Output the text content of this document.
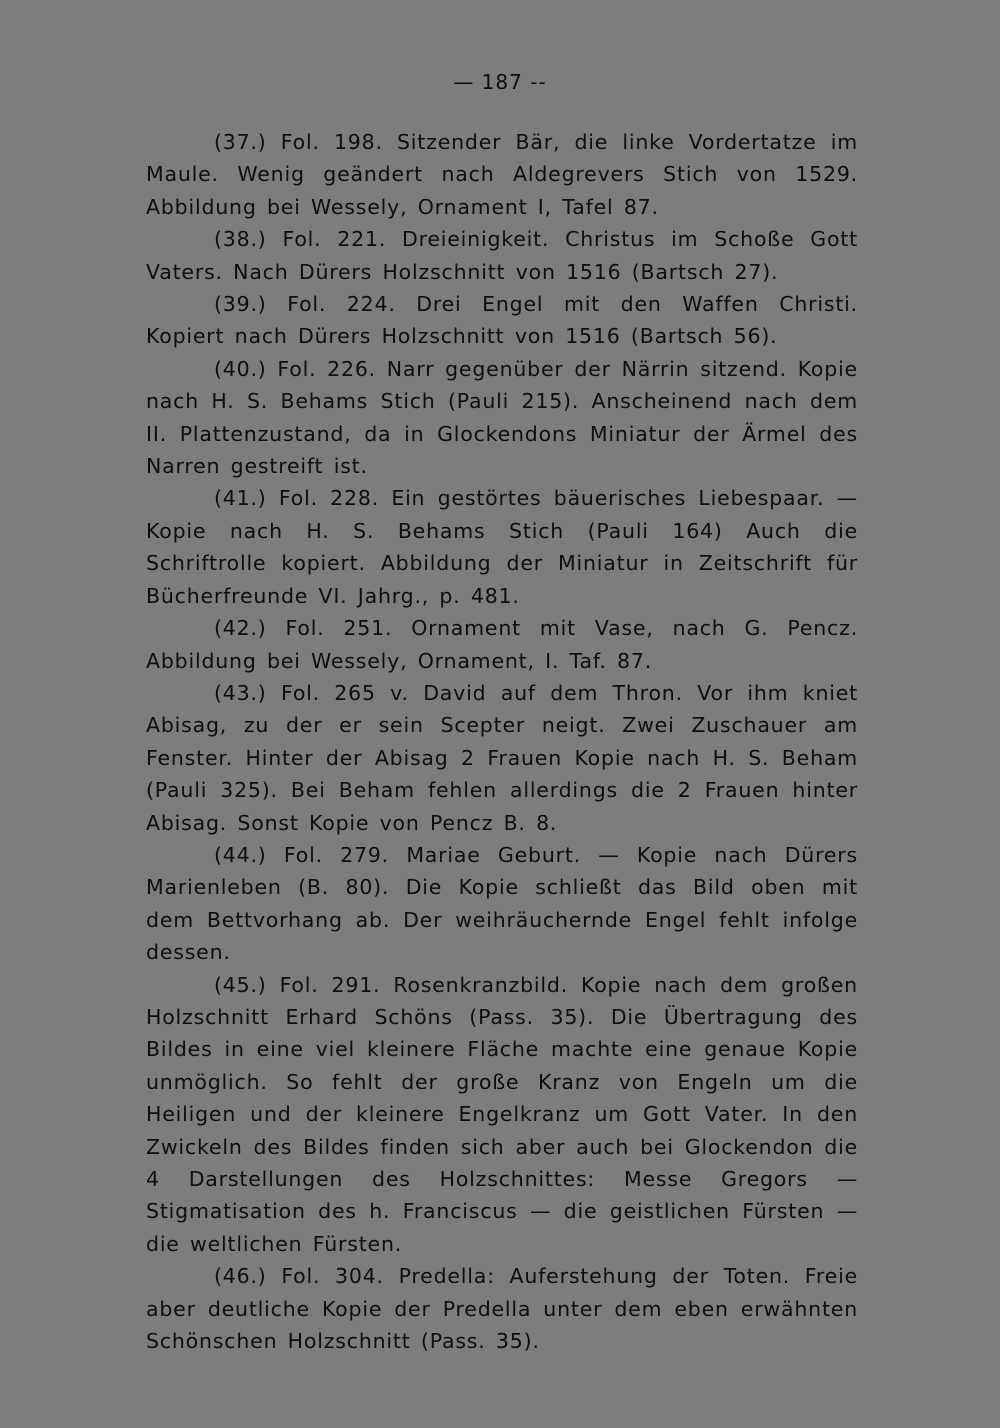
— 187 --

(37.) Fol. 198. Sitzender Bär, die linke Vordertatze im Maule. Wenig geändert nach Aldegrevers Stich von 1529. Abbildung bei Wessely, Ornament I, Tafel 87.

(38.) Fol. 221. Dreieinigkeit. Christus im Schoße Gott Vaters. Nach Dürers Holzschnitt von 1516 (Bartsch 27).

(39.) Fol. 224. Drei Engel mit den Waffen Christi. Kopiert nach Dürers Holzschnitt von 1516 (Bartsch 56).

(40.) Fol. 226. Narr gegenüber der Närrin sitzend. Kopie nach H. S. Behams Stich (Pauli 215). Anscheinend nach dem II. Plattenzustand, da in Glockendons Miniatur der Ärmel des Narren gestreift ist.

(41.) Fol. 228. Ein gestörtes bäuerisches Liebespaar. — Kopie nach H. S. Behams Stich (Pauli 164) Auch die Schriftrolle kopiert. Abbildung der Miniatur in Zeitschrift für Bücherfreunde VI. Jahrg., p. 481.

(42.) Fol. 251. Ornament mit Vase, nach G. Pencz. Abbildung bei Wessely, Ornament, I. Taf. 87.

(43.) Fol. 265 v. David auf dem Thron. Vor ihm kniet Abisag, zu der er sein Scepter neigt. Zwei Zuschauer am Fenster. Hinter der Abisag 2 Frauen Kopie nach H. S. Beham (Pauli 325). Bei Beham fehlen allerdings die 2 Frauen hinter Abisag. Sonst Kopie von Pencz B. 8.

(44.) Fol. 279. Mariae Geburt. — Kopie nach Dürers Marienleben (B. 80). Die Kopie schließt das Bild oben mit dem Bettvorhang ab. Der weihräuchernde Engel fehlt infolge dessen.

(45.) Fol. 291. Rosenkranzbild. Kopie nach dem großen Holzschnitt Erhard Schöns (Pass. 35). Die Übertragung des Bildes in eine viel kleinere Fläche machte eine genaue Kopie unmöglich. So fehlt der große Kranz von Engeln um die Heiligen und der kleinere Engelkranz um Gott Vater. In den Zwickeln des Bildes finden sich aber auch bei Glockendon die 4 Darstellungen des Holzschnittes: Messe Gregors — Stigmatisation des h. Franciscus — die geistlichen Fürsten — die weltlichen Fürsten.

(46.) Fol. 304. Predella: Auferstehung der Toten. Freie aber deutliche Kopie der Predella unter dem eben erwähnten Schönschen Holzschnitt (Pass. 35).
